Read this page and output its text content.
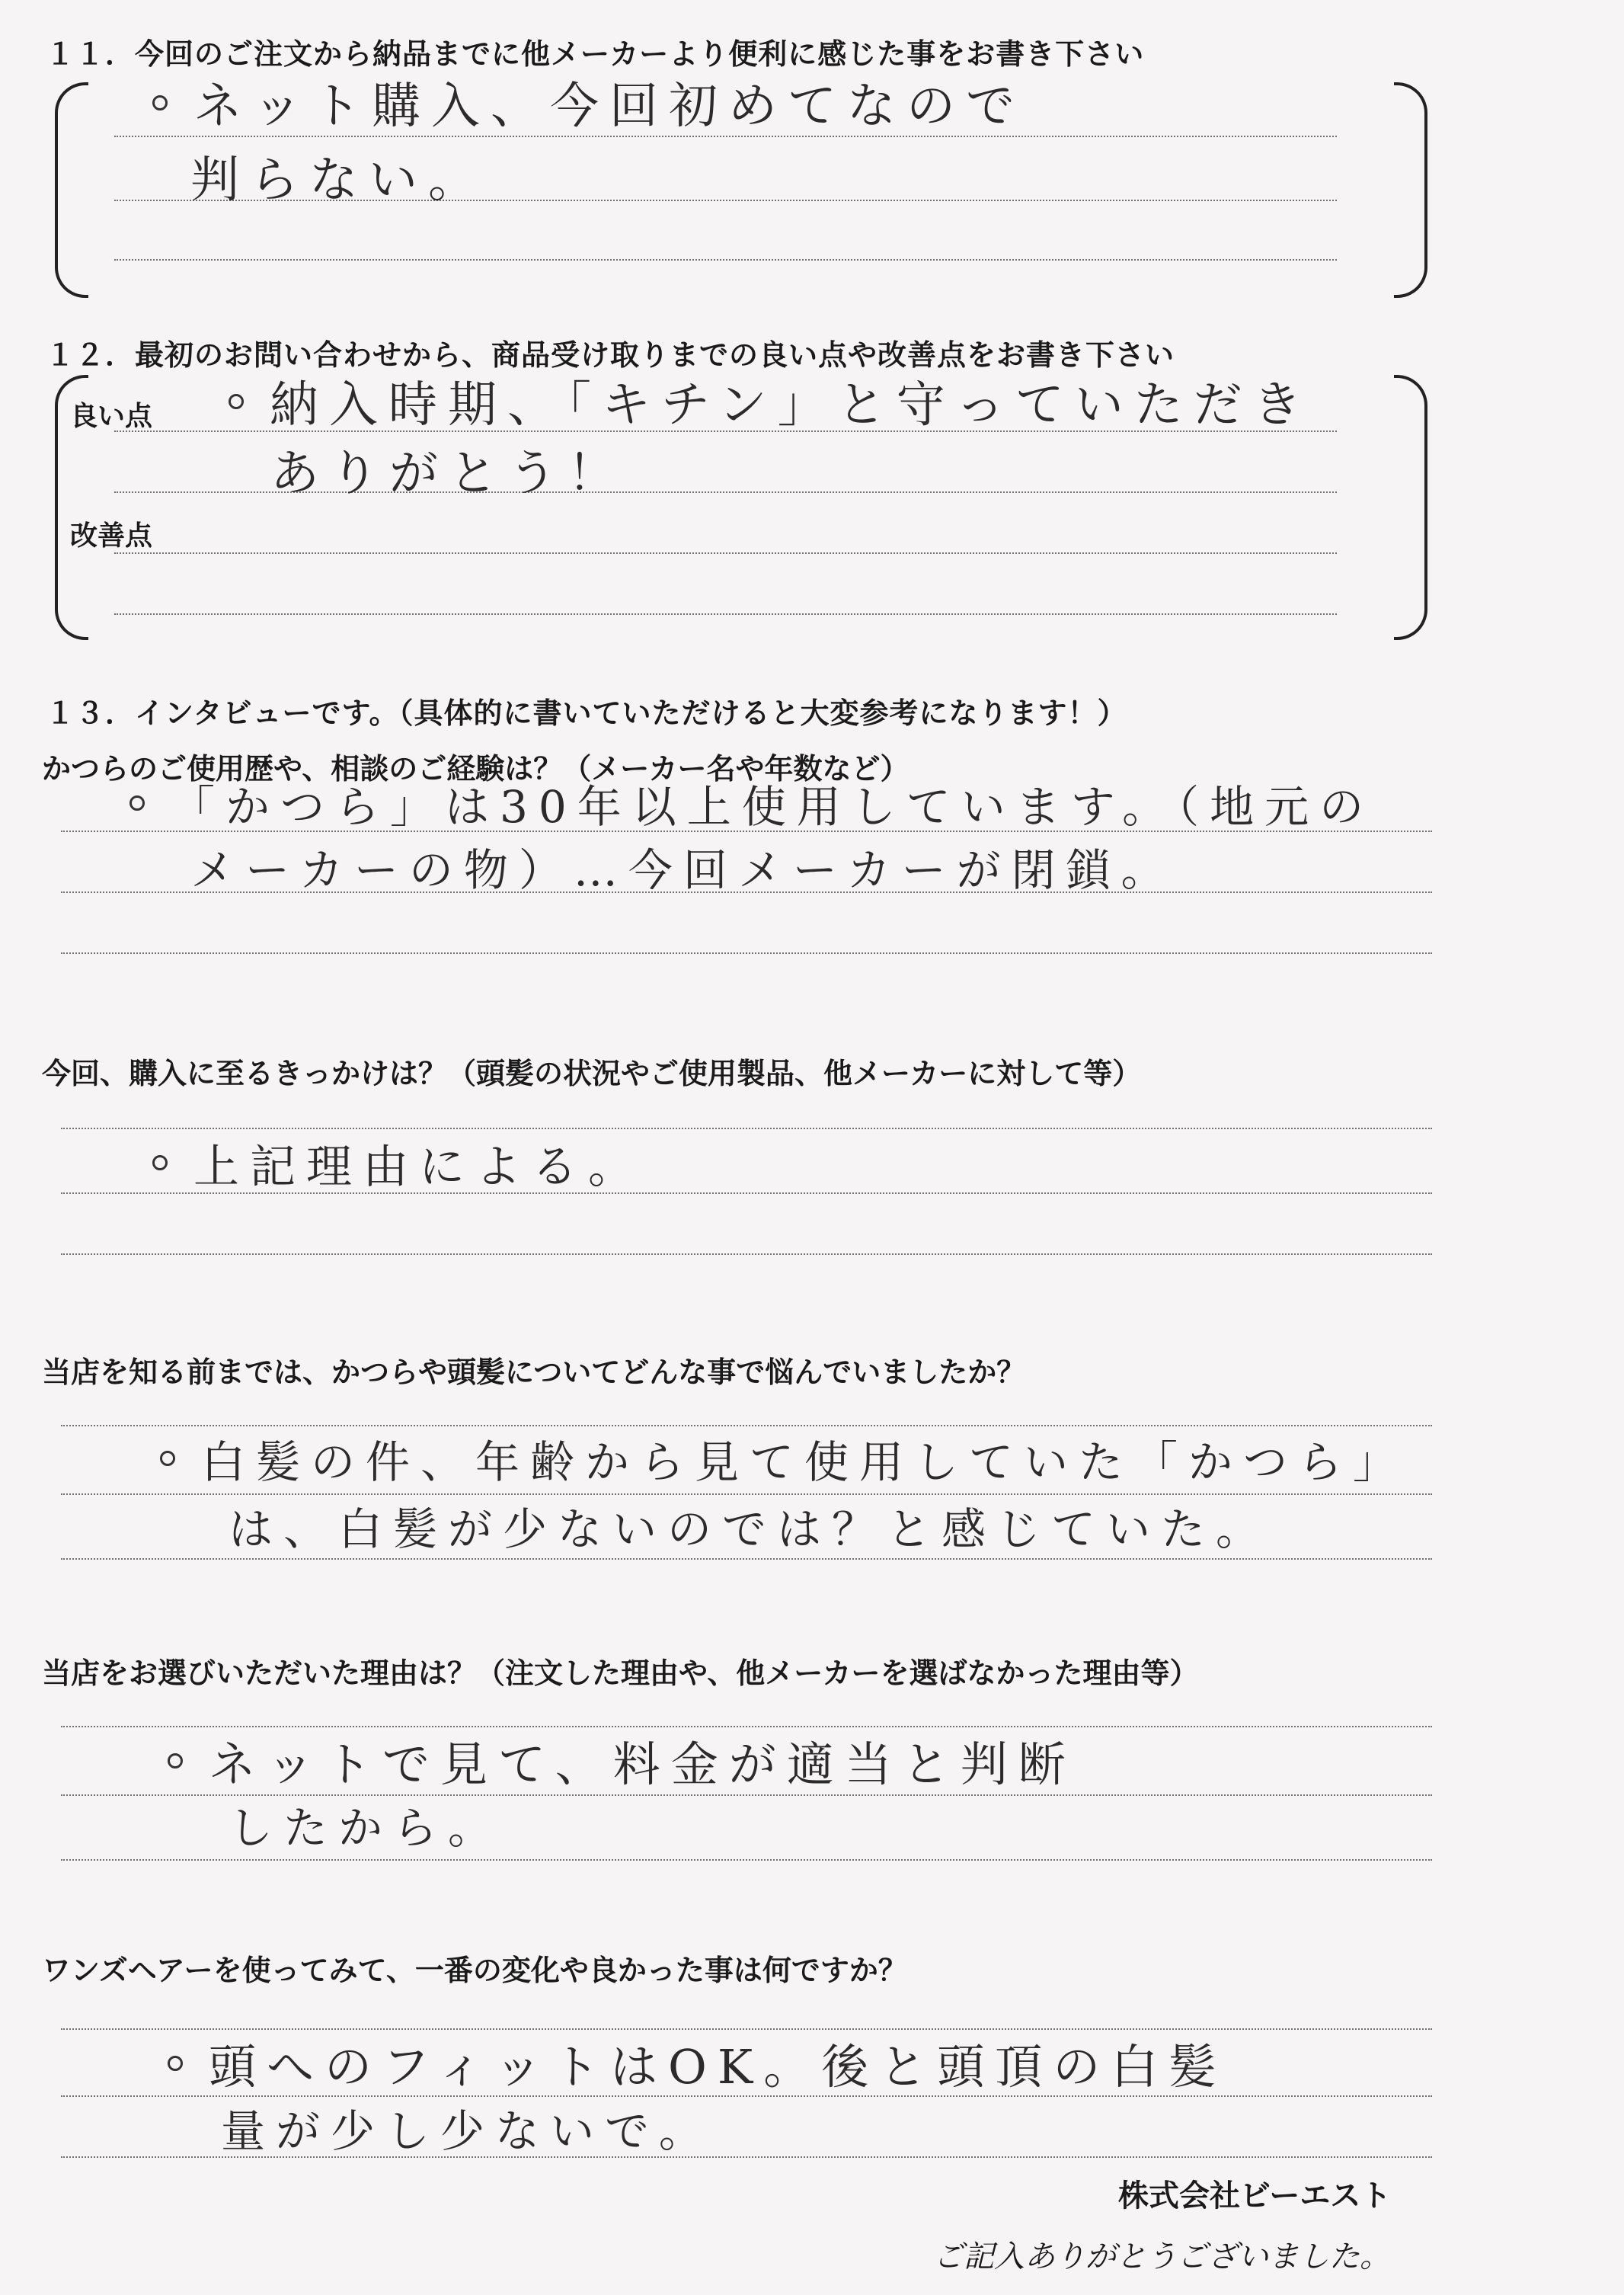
１１．今回のご注文から納品までに他メーカーより便利に感じた事をお書き下さい
ネット購入、今回初めてなので
判らない。
１２．最初のお問い合わせから、商品受け取りまでの良い点や改善点をお書き下さい
良い点
改善点
納入時期、「キチン」と守っていただき
ありがとう！
１３．インタビューです。（具体的に書いていただけると大変参考になります！）
かつらのご使用歴や、相談のご経験は？（メーカー名や年数など）
「かつら」は30年以上使用しています。（地元の
メーカーの物）…今回メーカーが閉鎖。
今回、購入に至るきっかけは？（頭髪の状況やご使用製品、他メーカーに対して等）
上記理由による。
当店を知る前までは、かつらや頭髪についてどんな事で悩んでいましたか？
白髪の件、年齢から見て使用していた「かつら」
は、白髪が少ないのでは？と感じていた。
当店をお選びいただいた理由は？（注文した理由や、他メーカーを選ばなかった理由等）
ネットで見て、料金が適当と判断
したから。
ワンズヘアーを使ってみて、一番の変化や良かった事は何ですか？
頭へのフィットはOK。後と頭頂の白髪
量が少し少ないで。
株式会社ビーエスト
ご記入ありがとうございました。
